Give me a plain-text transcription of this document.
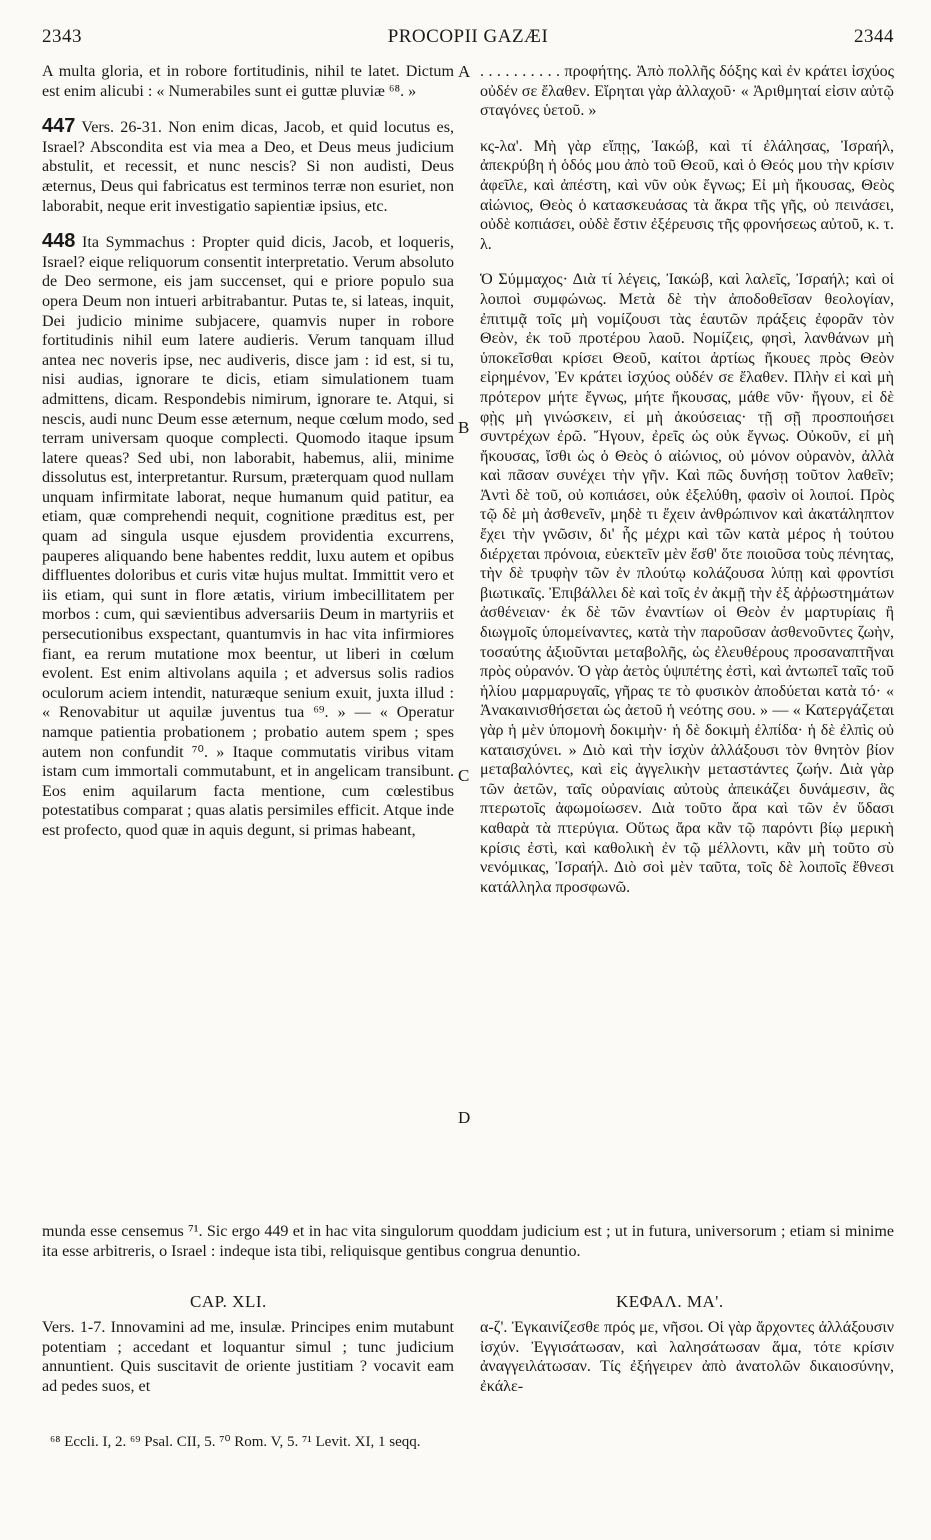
2343	PROCOPII GAZÆI	2344

A multa gloria, et in robore fortitudinis, nihil te latet. Dictum est enim alicubi : « Numerabiles sunt ei guttæ pluviæ ⁶⁸. »

447 Vers. 26-31. Non enim dicas, Jacob, et quid locutus es, Israel? Abscondita est via mea a Deo, et Deus meus judicium abstulit, et recessit, et nunc nescis? Si non audisti, Deus æternus, Deus qui fabricatus est terminos terræ non esuriet, non laborabit, neque erit investigatio sapientiæ ipsius, etc.

448 Ita Symmachus : Propter quid dicis, Jacob, et loqueris, Israel? eique reliquorum consentit interpretatio. Verum absoluto de Deo sermone, eis jam succenset, qui e priore populo sua opera Deum non intueri arbitrabantur. Putas te, si lateas, inquit, Dei judicio minime subjacere, quamvis nuper in robore fortitudinis nihil eum latere audieris. Verum tanquam illud antea nec noveris ipse, nec audiveris, disce jam : id est, si tu, nisi audias, ignorare te dicis, etiam simulationem tuam admittens, dicam. Respondebis nimirum, ignorare te. Atqui, si nescis, audi nunc Deum esse æternum, neque cœlum modo, sed terram universam quoque complecti. Quomodo itaque ipsum latere queas? Sed ubi, non laborabit, habemus, alii, minime dissolutus est, interpretantur. Rursum, præterquam quod nullam unquam infirmitate laborat, neque humanum quid patitur, ea etiam, quæ comprehendi nequit, cognitione præditus est, per quam ad singula usque ejusdem providentia excurrens, pauperes aliquando bene habentes reddit, luxu autem et opibus diffluentes doloribus et curis vitæ hujus multat. Immittit vero et iis etiam, qui sunt in flore ætatis, virium imbecillitatem per morbos : cum, qui sævientibus adversariis Deum in martyriis et persecutionibus exspectant, quantumvis in hac vita infirmiores fiant, ea rerum mutatione mox beentur, ut liberi in cœlum evolent. Est enim altivolans aquila ; et adversus solis radios oculorum aciem intendit, naturæque senium exuit, juxta illud : « Renovabitur ut aquilæ juventus tua ⁶⁹. » — « Operatur namque patientia probationem ; probatio autem spem ; spes autem non confundit ⁷⁰. » Itaque commutatis viribus vitam istam cum immortali commutabunt, et in angelicam transibunt. Eos enim aquilarum facta mentione, cum cœlestibus potestatibus comparat ; quas alatis persimiles efficit. Atque inde est profecto, quod quæ in aquis degunt, si primas habeant,

. . . . . . . . . . προφήτης. Ἀπὸ πολλῆς δόξης καὶ ἐν κράτει ἰσχύος οὐδέν σε ἔλαθεν. Εἴρηται γὰρ ἀλλαχοῦ· « Ἀριθμηταί εἰσιν αὐτῷ σταγόνες ὑετοῦ. »

κς-λα'. Μὴ γὰρ εἴπῃς, Ἰακώβ, καὶ τί ἐλάλησας, Ἰσραήλ, ἀπεκρύβη ἡ ὁδός μου ἀπὸ τοῦ Θεοῦ, καὶ ὁ Θεός μου τὴν κρίσιν ἀφεῖλε, καὶ ἀπέστη, καὶ νῦν οὐκ ἔγνως; Εἰ μὴ ἤκουσας, Θεὸς αἰώνιος, Θεὸς ὁ κατασκευάσας τὰ ἄκρα τῆς γῆς, οὐ πεινάσει, οὐδὲ κοπιάσει, οὐδὲ ἔστιν ἐξέρευσις τῆς φρονήσεως αὐτοῦ, κ. τ. λ.

Ὁ Σύμμαχος· Διὰ τί λέγεις, Ἰακώβ, καὶ λαλεῖς, Ἰσραήλ; καὶ οἱ λοιποὶ συμφώνως. Μετὰ δὲ τὴν ἀποδοθεῖσαν θεολογίαν, ἐπιτιμᾷ τοῖς μὴ νομίζουσι τὰς ἑαυτῶν πράξεις ἐφορᾶν τὸν Θεὸν, ἐκ τοῦ προτέρου λαοῦ. Νομίζεις, φησὶ, λανθάνων μὴ ὑποκεῖσθαι κρίσει Θεοῦ, καίτοι ἀρτίως ἤκουες πρὸς Θεὸν εἰρημένον, Ἐν κράτει ἰσχύος οὐδέν σε ἔλαθεν. Πλὴν εἰ καὶ μὴ πρότερον μήτε ἔγνως, μήτε ἤκουσας, μάθε νῦν· ἤγουν, εἰ δὲ φῂς μὴ γινώσκειν, εἰ μὴ ἀκούσειας· τῇ σῇ προσποιήσει συντρέχων ἐρῶ. Ἤγουν, ἐρεῖς ὡς οὐκ ἔγνως. Οὐκοῦν, εἰ μὴ ἤκουσας, ἴσθι ὡς ὁ Θεὸς ὁ αἰώνιος, οὐ μόνον οὐρανὸν, ἀλλὰ καὶ πᾶσαν συνέχει τὴν γῆν. Καὶ πῶς δυνήσῃ τοῦτον λαθεῖν; Ἀντὶ δὲ τοῦ, οὐ κοπιάσει, οὐκ ἐξελύθη, φασὶν οἱ λοιποί. Πρὸς τῷ δὲ μὴ ἀσθενεῖν, μηδὲ τι ἔχειν ἀνθρώπινον καὶ ἀκατάληπτον ἔχει τὴν γνῶσιν, δι' ἧς μέχρι καὶ τῶν κατὰ μέρος ἡ τούτου διέρχεται πρόνοια, εὐεκτεῖν μὲν ἔσθ' ὅτε ποιοῦσα τοὺς πένητας, τὴν δὲ τρυφὴν τῶν ἐν πλούτῳ κολάζουσα λύπῃ καὶ φροντίσι βιωτικαῖς. Ἐπιβάλλει δὲ καὶ τοῖς ἐν ἀκμῇ τὴν ἐξ ἀῤῥωστημάτων ἀσθένειαν· ἐκ δὲ τῶν ἐναντίων οἱ Θεὸν ἐν μαρτυρίαις ἢ διωγμοῖς ὑπομείναντες, κατὰ τὴν παροῦσαν ἀσθενοῦντες ζωὴν, τοσαύτης ἀξιοῦνται μεταβολῆς, ὡς ἐλευθέρους προσαναπτῆναι πρὸς οὐρανόν. Ὁ γὰρ ἀετὸς ὑψιπέτης ἐστὶ, καὶ ἀντωπεῖ ταῖς τοῦ ἡλίου μαρμαρυγαῖς, γῆρας τε τὸ φυσικὸν ἀποδύεται κατὰ τό· « Ἀνακαινισθήσεται ὡς ἀετοῦ ἡ νεότης σου. » — « Κατεργάζεται γὰρ ἡ μὲν ὑπομονὴ δοκιμὴν· ἡ δὲ δοκιμὴ ἐλπίδα· ἡ δὲ ἐλπὶς οὐ καταισχύνει. » Διὸ καὶ τὴν ἰσχὺν ἀλλάξουσι τὸν θνητὸν βίον μεταβαλόντες, καὶ εἰς ἀγγελικὴν μεταστάντες ζωήν. Διὰ γὰρ τῶν ἀετῶν, ταῖς οὐρανίαις αὐτοὺς ἀπεικάζει δυνάμεσιν, ἃς πτερωτοῖς ἀφωμοίωσεν. Διὰ τοῦτο ἄρα καὶ τῶν ἐν ὕδασι καθαρὰ τὰ πτερύγια. Οὕτως ἄρα κἂν τῷ παρόντι βίῳ μερικὴ κρίσις ἐστὶ, καὶ καθολικὴ ἐν τῷ μέλλοντι, κἂν μὴ τοῦτο σὺ νενόμικας, Ἰσραήλ. Διὸ σοὶ μὲν ταῦτα, τοῖς δὲ λοιποῖς ἔθνεσι κατάλληλα προσφωνῶ.

A
B
C
D
munda esse censemus ⁷¹. Sic ergo 449 et in hac vita singulorum quoddam judicium est ; ut in futura, universorum ; etiam si minime ita esse arbitreris, o Israel : indeque ista tibi, reliquisque gentibus congrua denuntio.
CAP. XLI.	ΚΕΦΑΛ. ΜΑ'.
Vers. 1-7. Innovamini ad me, insulæ. Principes enim mutabunt potentiam ; accedant et loquantur simul ; tunc judicium annuntient. Quis suscitavit de oriente justitiam ? vocavit eam ad pedes suos, et
α-ζ'. Ἐγκαινίζεσθε πρός με, νῆσοι. Οἱ γὰρ ἄρχοντες ἀλλάξουσιν ἰσχύν. Ἐγγισάτωσαν, καὶ λαλησάτωσαν ἅμα, τότε κρίσιν ἀναγγειλάτωσαν. Τίς ἐξήγειρεν ἀπὸ ἀνατολῶν δικαιοσύνην, ἐκάλε-
⁶⁸ Eccli. I, 2. ⁶⁹ Psal. CII, 5. ⁷⁰ Rom. V, 5. ⁷¹ Levit. XI, 1 seqq.
